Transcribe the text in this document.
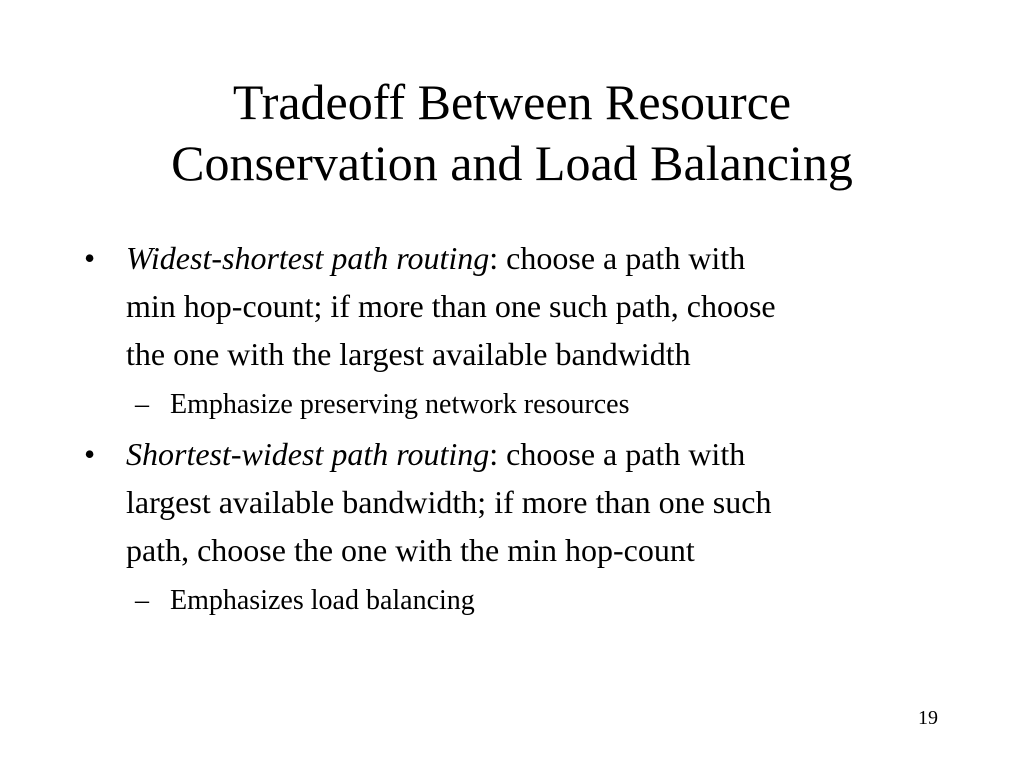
Tradeoff Between Resource
Conservation and Load Balancing
• Widest-shortest path routing: choose a path with
min hop-count; if more than one such path, choose
the one with the largest available bandwidth
– Emphasize preserving network resources
• Shortest-widest path routing: choose a path with
largest available bandwidth; if more than one such
path, choose the one with the min hop-count
– Emphasizes load balancing
19
